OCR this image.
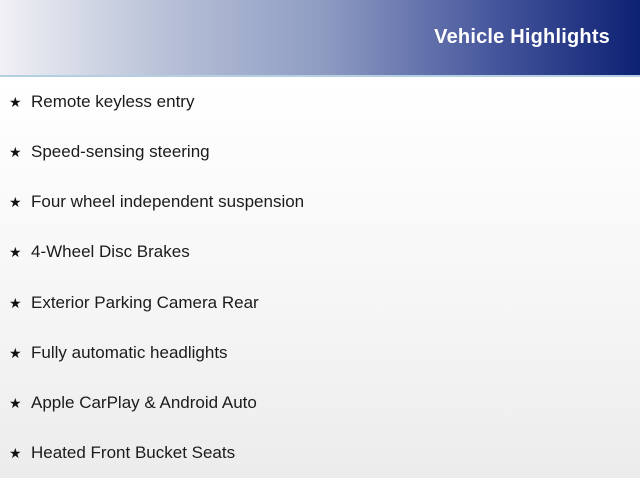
Vehicle Highlights
★ Remote keyless entry
★ Speed-sensing steering
★ Four wheel independent suspension
★ 4-Wheel Disc Brakes
★ Exterior Parking Camera Rear
★ Fully automatic headlights
★ Apple CarPlay & Android Auto
★ Heated Front Bucket Seats
